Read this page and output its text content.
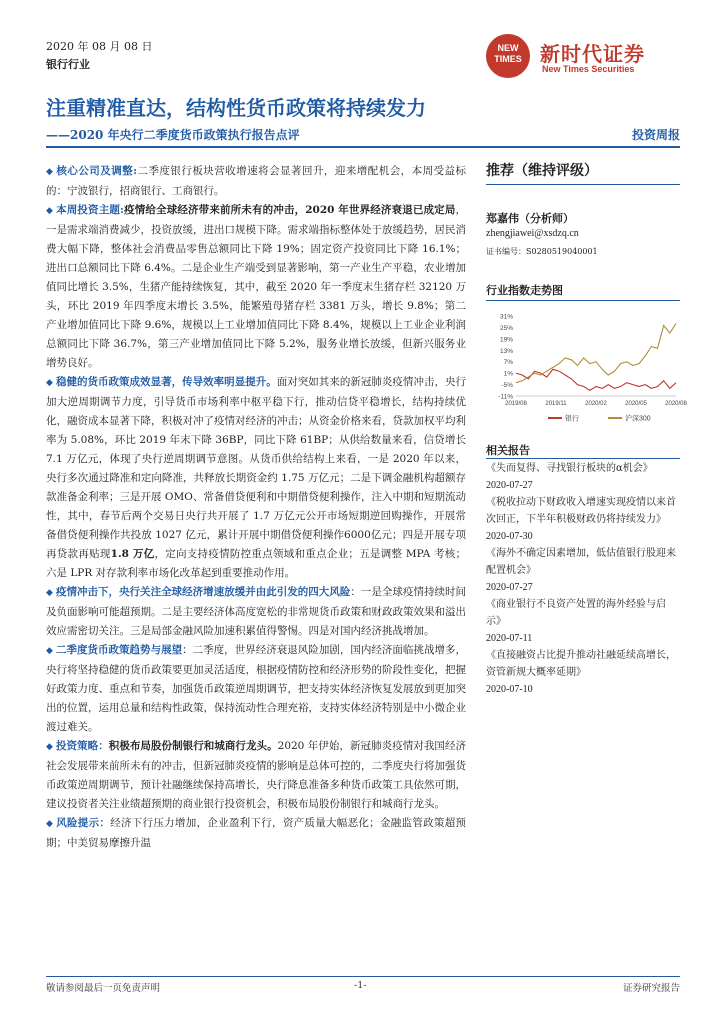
2020 年 08 月 08 日
银行行业
NEW
TIMES 新时代证券
New Times Securities
注重精准直达，结构性货币政策将持续发力
——2020 年央行二季度货币政策执行报告点评	投资周报

◆ 核心公司及调整:二季度银行板块营收增速将会显著回升，迎来增配机会，本周受益标的：宁波银行，招商银行、工商银行。

◆ 本周投资主题:疫情给全球经济带来前所未有的冲击，2020 年世界经济衰退已成定局，一是需求端消费减少，投资放缓，进出口规模下降。需求端指标整体处于放缓趋势，居民消费大幅下降，整体社会消费品零售总额同比下降 19%；固定资产投资同比下降 16.1%；进出口总额同比下降 6.4%。二是企业生产端受到显著影响，第一产业生产平稳，农业增加值同比增长 3.5%，生猪产能持续恢复，其中，截至 2020 年一季度末生猪存栏 32120 万头，环比 2019 年四季度末增长 3.5%，能繁殖母猪存栏 3381 万头，增长 9.8%；第二产业增加值同比下降 9.6%，规模以上工业增加值同比下降 8.4%，规模以上工业企业利润总额同比下降 36.7%，第三产业增加值同比下降 5.2%，服务业增长放缓，但新兴服务业增势良好。

◆ 稳健的货币政策成效显著，传导效率明显提升。面对突如其来的新冠肺炎疫情冲击，央行加大逆周期调节力度，引导货币市场利率中枢平稳下行，推动信贷平稳增长，结构持续优化，融资成本显著下降，积极对冲了疫情对经济的冲击；从资金价格来看，贷款加权平均利率为 5.08%，环比 2019 年末下降 36BP，同比下降 61BP；从供给数量来看，信贷增长 7.1 万亿元，体现了央行逆周期调节意图。从货币供给结构上来看，一是 2020 年以来，央行多次通过降准和定向降准，共释放长期资金约 1.75 万亿元；二是下调金融机构超额存款准备金利率；三是开展 OMO、常备借贷便利和中期借贷便利操作，注入中期和短期流动性，其中，春节后两个交易日央行共开展了 1.7 万亿元公开市场短期逆回购操作，开展常备借贷便利操作共投放 1027 亿元，累计开展中期借贷便利操作6000亿元；四是开展专项再贷款再贴现1.8 万亿，定向支持疫情防控重点领域和重点企业；五是调整 MPA 考核；六是 LPR 对存款利率市场化改革起到重要推动作用。

◆ 疫情冲击下，央行关注全球经济增速放缓并由此引发的四大风险：一是全球疫情持续时间及负面影响可能超预期。二是主要经济体高度宽松的非常规货币政策和财政政策效果和溢出效应需密切关注。三是局部金融风险加速积累值得警惕。四是对国内经济挑战增加。

◆ 二季度货币政策趋势与展望：二季度，世界经济衰退风险加剧，国内经济面临挑战增多，央行将坚持稳健的货币政策要更加灵活适度，根据疫情防控和经济形势的阶段性变化，把握好政策力度、重点和节奏，加强货币政策逆周期调节，把支持实体经济恢复发展放到更加突出的位置，运用总量和结构性政策，保持流动性合理充裕，支持实体经济特别是中小微企业渡过难关。

◆ 投资策略：积极布局股份制银行和城商行龙头。2020 年伊始，新冠肺炎疫情对我国经济社会发展带来前所未有的冲击，但新冠肺炎疫情的影响是总体可控的，二季度央行将加强货币政策逆周期调节，预计社融继续保持高增长，央行降息准备多种货币政策工具依然可期，建议投资者关注业绩超预期的商业银行投资机会，积极布局股份制银行和城商行龙头。

◆ 风险提示：经济下行压力增加，企业盈利下行，资产质量大幅恶化；金融监管政策超预期；中美贸易摩擦升温

推荐（维持评级）
郑嘉伟（分析师）
zhengjiawei@xsdzq.cn
证书编号：S0280519040001
行业指数走势图
31%
25%
19%
13%
7%
1%
-5%
-11%
2019/08	2019/11	2020/02	2020/05	2020/08
银行	沪深300
相关报告
《失而复得、寻找银行板块的α机会》
2020-07-27
《税收拉动下财政收入增速实现疫情以来首次回正，下半年积极财政仍将持续发力》
2020-07-30
《海外不确定因素增加，低估值银行股迎来配置机会》
2020-07-27
《商业银行不良资产处置的海外经验与启示》
2020-07-11
《直接融资占比提升推动社融延续高增长，资管新规大概率延期》
2020-07-10
敬请参阅最后一页免责声明	-1-	证券研究报告
